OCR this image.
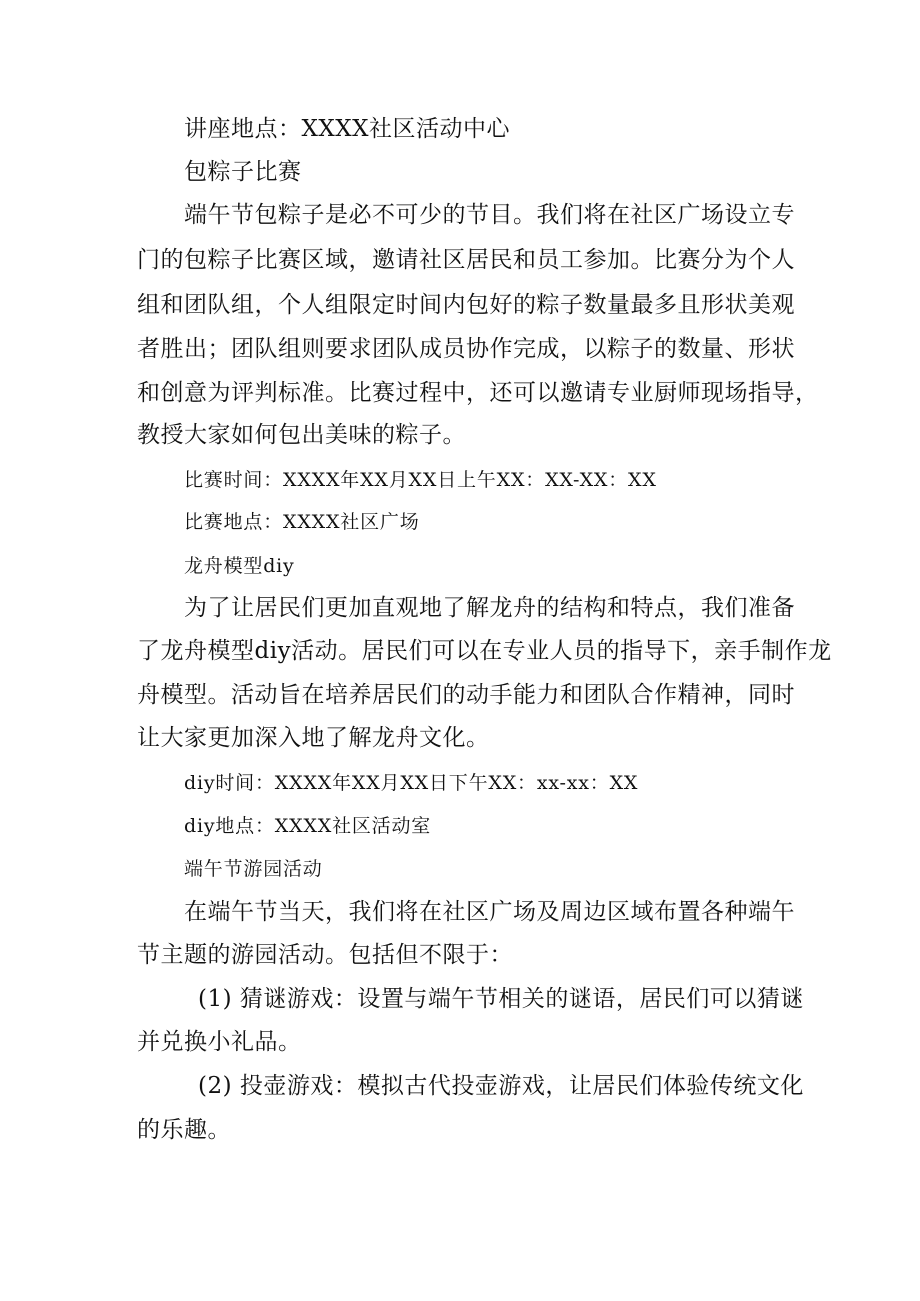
讲座地点：XXXX社区活动中心
包粽子比赛
端午节包粽子是必不可少的节目。我们将在社区广场设立专
门的包粽子比赛区域，邀请社区居民和员工参加。比赛分为个人
组和团队组，个人组限定时间内包好的粽子数量最多且形状美观
者胜出；团队组则要求团队成员协作完成，以粽子的数量、形状
和创意为评判标准。比赛过程中，还可以邀请专业厨师现场指导，
教授大家如何包出美味的粽子。
比赛时间：XXXX年XX月XX日上午XX：XX-XX：XX
比赛地点：XXXX社区广场
龙舟模型diy
为了让居民们更加直观地了解龙舟的结构和特点，我们准备
了龙舟模型diy活动。居民们可以在专业人员的指导下，亲手制作龙
舟模型。活动旨在培养居民们的动手能力和团队合作精神，同时
让大家更加深入地了解龙舟文化。
diy时间：XXXX年XX月XX日下午XX：xx-xx：XX
diy地点：XXXX社区活动室
端午节游园活动
在端午节当天，我们将在社区广场及周边区域布置各种端午
节主题的游园活动。包括但不限于：
(1) 猜谜游戏：设置与端午节相关的谜语，居民们可以猜谜
并兑换小礼品。
(2) 投壶游戏：模拟古代投壶游戏，让居民们体验传统文化
的乐趣。
